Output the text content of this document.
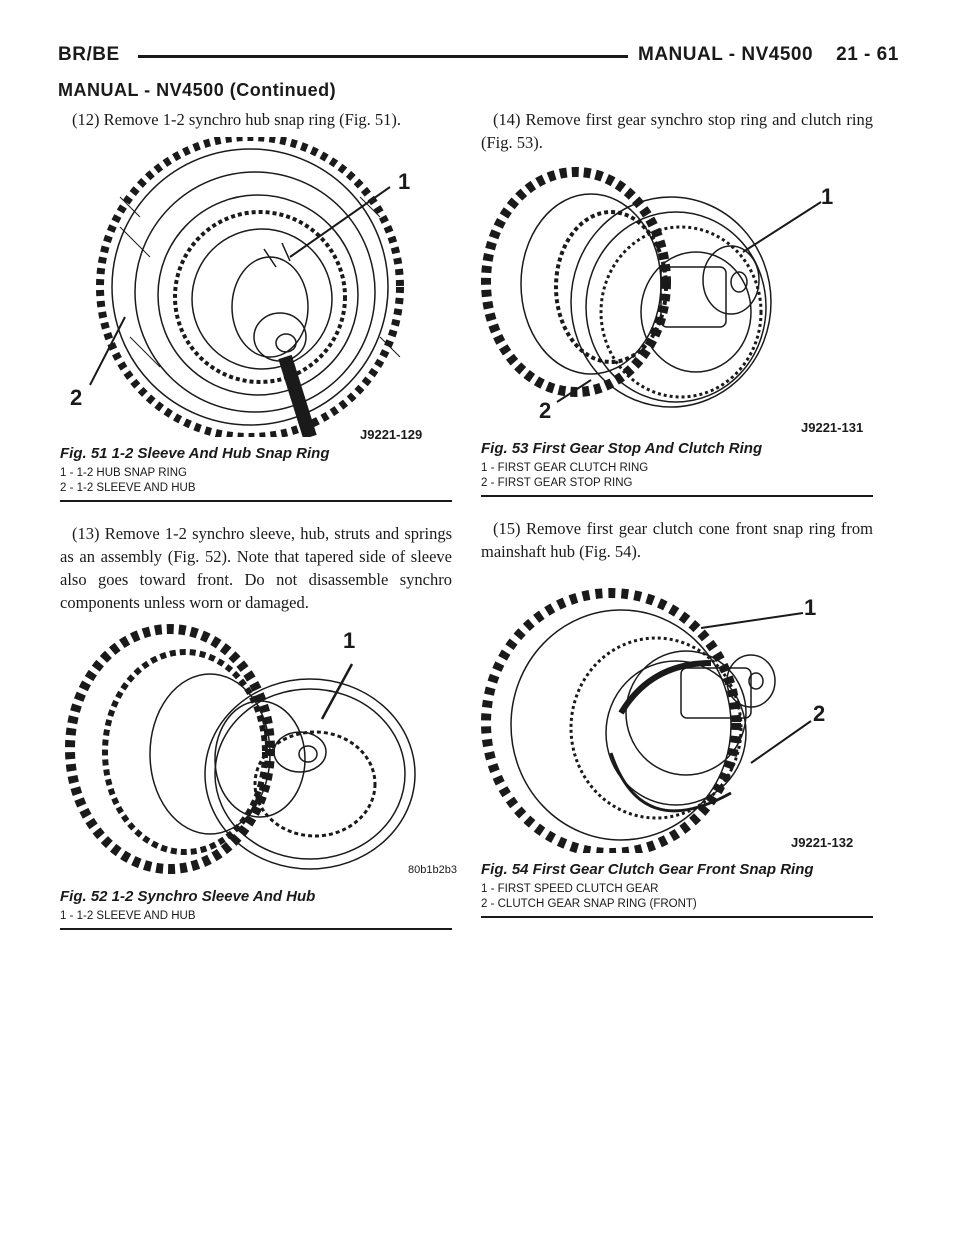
BR/BE	MANUAL - NV4500    21 - 61
MANUAL - NV4500 (Continued)

(12) Remove 1-2 synchro hub snap ring (Fig. 51).

1
2
J9221-129

Fig. 51 1-2 Sleeve And Hub Snap Ring

1 - 1-2 HUB SNAP RING
2 - 1-2 SLEEVE AND HUB

(13) Remove 1-2 synchro sleeve, hub, struts and springs as an assembly (Fig. 52). Note that tapered side of sleeve also goes toward front. Do not disassemble synchro components unless worn or damaged.

1
80b1b2b3

Fig. 52 1-2 Synchro Sleeve And Hub

1 - 1-2 SLEEVE AND HUB

(14) Remove first gear synchro stop ring and clutch ring (Fig. 53).

1
2
J9221-131

Fig. 53 First Gear Stop And Clutch Ring

1 - FIRST GEAR CLUTCH RING
2 - FIRST GEAR STOP RING

(15) Remove first gear clutch cone front snap ring from mainshaft hub (Fig. 54).

1
2
J9221-132

Fig. 54 First Gear Clutch Gear Front Snap Ring

1 - FIRST SPEED CLUTCH GEAR
2 - CLUTCH GEAR SNAP RING (FRONT)
